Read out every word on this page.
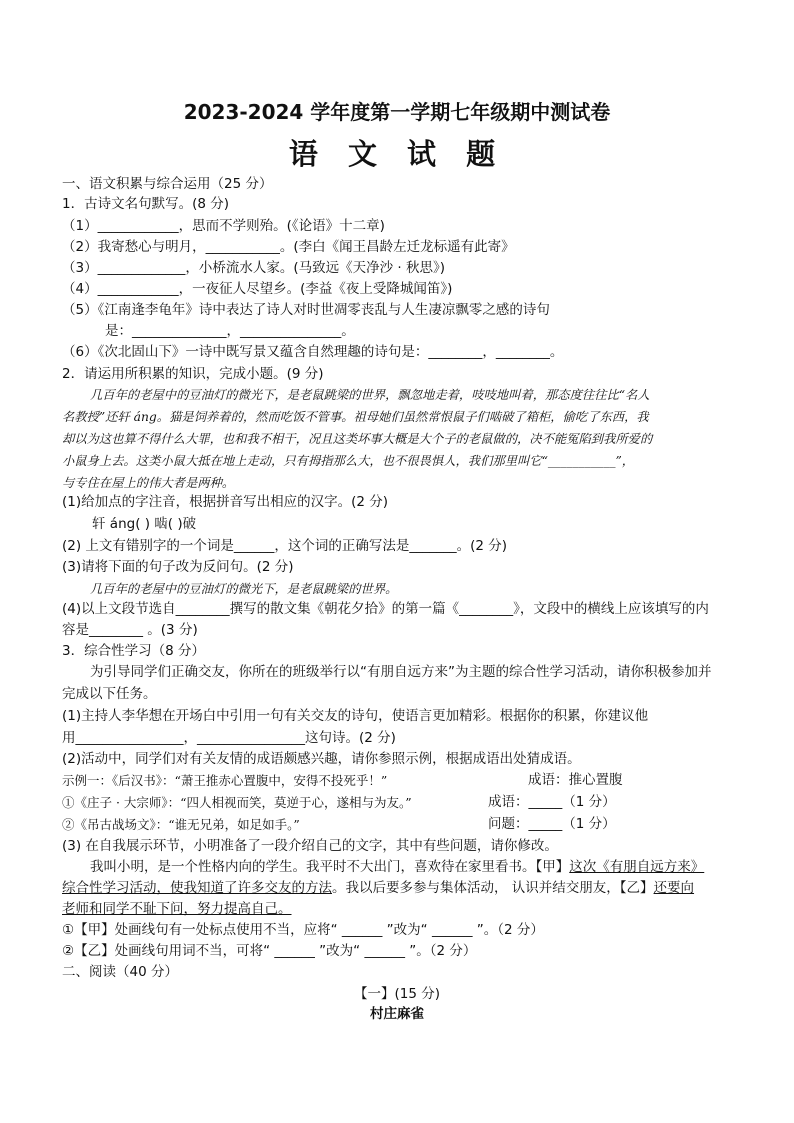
2023-2024 学年度第一学期七年级期中测试卷
语 文 试 题
一、语文积累与综合运用（25 分）
1．古诗文名句默写。(8 分)
（1）____________，思而不学则殆。(《论语》十二章)
（2）我寄愁心与明月，___________。(李白《闻王昌龄左迁龙标遥有此寄》
（3）_____________，小桥流水人家。(马致远《天净沙 · 秋思》)
（4）____________，一夜征人尽望乡。(李益《夜上受降城闻笛》)
（5）《江南逢李龟年》诗中表达了诗人对时世凋零丧乱与人生凄凉飘零之感的诗句
是：______________，_______________。
（6）《次北固山下》一诗中既写景又蕴含自然理趣的诗句是：________，________。
2．请运用所积累的知识，完成小题。(9 分)
几百年的老屋中的豆油灯的微光下，是老鼠跳梁的世界，飘忽地走着，吱吱地叫着，那态度往往比“名人
名教授”还轩 áng。猫是饲养着的，然而吃饭不管事。祖母她们虽然常恨鼠子们啮破了箱柜，偷吃了东西，我
却以为这也算不得什么大罪，也和我不相干，况且这类坏事大概是大个子的老鼠做的，决不能冤陷到我所爱的
小鼠身上去。这类小鼠大抵在地上走动，只有拇指那么大，也不很畏惧人，我们那里叫它“___________”，
与专住在屋上的伟大者是两种。
(1)给加点的字注音，根据拼音写出相应的汉字。(2 分)
轩 áng( ) 啮( )破
(2) 上文有错别字的一个词是______，这个词的正确写法是_______。(2 分)
(3)请将下面的句子改为反问句。(2 分)
几百年的老屋中的豆油灯的微光下，是老鼠跳梁的世界。
(4)以上文段节选自________撰写的散文集《朝花夕拾》的第一篇《________》，文段中的横线上应该填写的内
容是________ 。(3 分)
3．综合性学习（8 分）
为引导同学们正确交友，你所在的班级举行以“有朋自远方来”为主题的综合性学习活动，请你积极参加并
完成以下任务。
(1)主持人李华想在开场白中引用一句有关交友的诗句，使语言更加精彩。根据你的积累，你建议他
用________________，________________这句诗。(2 分)
(2)活动中，同学们对有关友情的成语颇感兴趣，请你参照示例，根据成语出处猜成语。
示例一：《后汉书》：“萧王推赤心置腹中，安得不投死乎！”	成语：推心置腹
①《庄子 · 大宗师》：“四人相视而笑，莫逆于心，遂相与为友。”	成语：_____（1 分）
②《吊古战场文》：“谁无兄弟，如足如手。”	问题：_____（1 分）
(3) 在自我展示环节，小明准备了一段介绍自己的文字，其中有些问题，请你修改。
我叫小明，是一个性格内向的学生。我平时不大出门，喜欢待在家里看书。【甲】这次《有朋自远方来》
综合性学习活动，使我知道了许多交友的方法。我以后要多参与集体活动， 认识并结交朋友，【乙】还要向
老师和同学不耻下问，努力提高自己。
①【甲】处画线句有一处标点使用不当，应将“ ______ ”改为“ ______ ”。（2 分）
②【乙】处画线句用词不当，可将“ ______ ”改为“ ______ ”。（2 分）
二、阅读（40 分）
【一】(15 分)
村庄麻雀
